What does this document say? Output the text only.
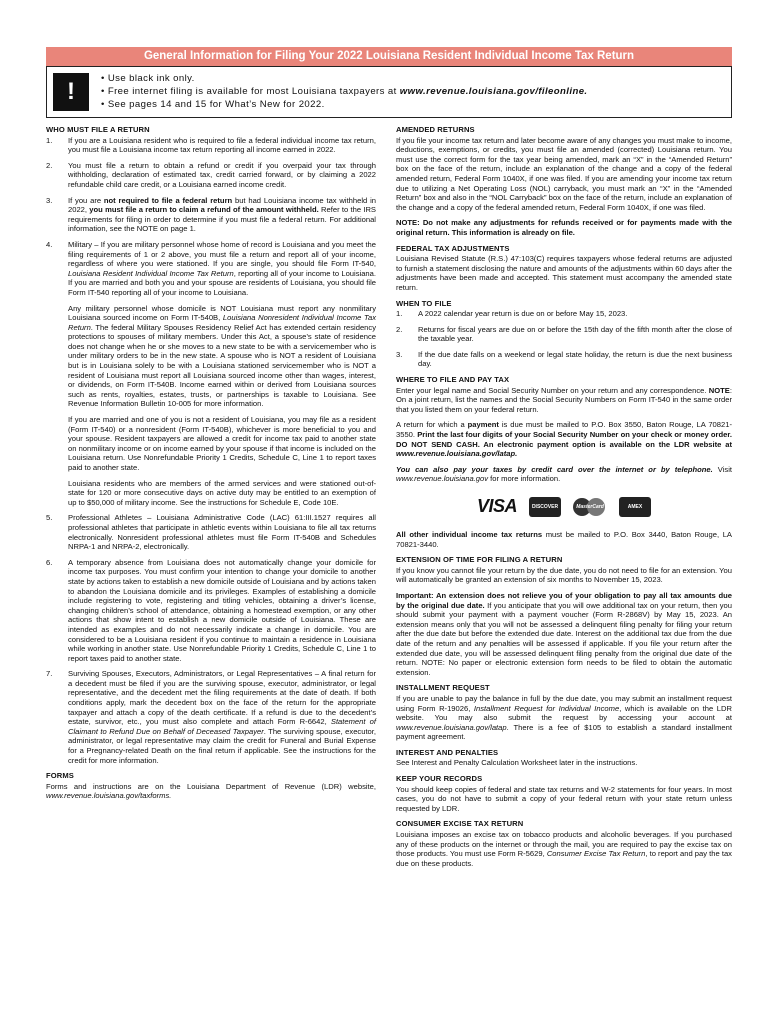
General Information for Filing Your 2022 Louisiana Resident Individual Income Tax Return
!	• Use black ink only.
• Free internet filing is available for most Louisiana taxpayers at www.revenue.louisiana.gov/fileonline.
• See pages 14 and 15 for What’s New for 2022.
WHO MUST FILE A RETURN
1.	If you are a Louisiana resident who is required to file a federal individual income tax return, you must file a Louisiana income tax return reporting all income earned in 2022.
2.	You must file a return to obtain a refund or credit if you overpaid your tax through withholding, declaration of estimated tax, credit carried forward, or by claiming a 2022 refundable child care credit, or a Louisiana earned income credit.
3.	If you are not required to file a federal return but had Louisiana income tax withheld in 2022, you must file a return to claim a refund of the amount withheld. Refer to the IRS requirements for filing in order to determine if you must file a federal return. For additional information, see the NOTE on page 1.
4.	Military – If you are military personnel whose home of record is Louisiana and you meet the filing requirements of 1 or 2 above, you must file a return and report all of your income, regardless of where you were stationed. If you are single, you should file Form IT-540, Louisiana Resident Individual Income Tax Return, reporting all of your income to Louisiana. If you are married and both you and your spouse are residents of Louisiana, you should file Form IT-540 reporting all of your income to Louisiana.

Any military personnel whose domicile is NOT Louisiana must report any nonmilitary Louisiana sourced income on Form IT-540B, Louisiana Nonresident Individual Income Tax Return. The federal Military Spouses Residency Relief Act has extended certain residency protections to spouses of military members. Under this Act, a spouse’s state of residence does not change when he or she moves to a new state to be with a servicemember who is under military orders to be in the new state. A spouse who is NOT a resident of Louisiana but is in Louisiana solely to be with a Louisiana stationed servicemember who is NOT a resident of Louisiana must report all Louisiana sourced income other than wages, interest, or dividends, on Form IT-540B. Income earned within or derived from Louisiana sources such as rents, royalties, estates, trusts, or partnerships is taxable to Louisiana. See Revenue Information Bulletin 10-005 for more information.

If you are married and one of you is not a resident of Louisiana, you may file as a resident (Form IT-540) or a nonresident (Form IT-540B), whichever is more beneficial to you and your spouse. Resident taxpayers are allowed a credit for income tax paid to another state on nonmilitary income or on income earned by your spouse if that income is included on the Louisiana return. Use Nonrefundable Priority 1 Credits, Schedule C, Line 1 to report taxes paid to another state.

Louisiana residents who are members of the armed services and were stationed out-of-state for 120 or more consecutive days on active duty may be entitled to an exemption of up to $50,000 of military income. See the instructions for Schedule E, Code 10E.

5.	Professional Athletes – Louisiana Administrative Code (LAC) 61:III.1527 requires all professional athletes that participate in athletic events within Louisiana to file all tax returns electronically. Nonresident professional athletes must file Form IT-540B and Schedules NRPA-1 and NRPA-2, electronically.
6.	A temporary absence from Louisiana does not automatically change your domicile for income tax purposes. You must confirm your intention to change your domicile to another state by actions taken to establish a new domicile outside of Louisiana and by actions taken to abandon the Louisiana domicile and its privileges. Examples of establishing a domicile include registering to vote, registering and titling vehicles, obtaining a driver’s license, changing children’s school of attendance, obtaining a homestead exemption, or any other actions that show intent to establish a new domicile outside of Louisiana. These are intended as examples and do not necessarily indicate a change in domicile. You are considered to be a Louisiana resident if you continue to maintain a residence in Louisiana while working in another state. Use Nonrefundable Priority 1 Credits, Schedule C, Line 1 to report taxes paid to another state.
7.	Surviving Spouses, Executors, Administrators, or Legal Representatives – A final return for a decedent must be filed if you are the surviving spouse, executor, administrator, or legal representative, and the decedent met the filing requirements at the date of death. If both conditions apply, mark the decedent box on the face of the return for the appropriate taxpayer and attach a copy of the death certificate. If a refund is due to the decedent’s estate, survivor, etc., you must also complete and attach Form R-6642, Statement of Claimant to Refund Due on Behalf of Deceased Taxpayer. The surviving spouse, executor, administrator, or legal representative may claim the credit for Funeral and Burial Expense for a Pregnancy-related Death on the final return if applicable. See the instructions for the credit for more information.
FORMS

Forms and instructions are on the Louisiana Department of Revenue (LDR) website, www.revenue.louisiana.gov/taxforms.

AMENDED RETURNS

If you file your income tax return and later become aware of any changes you must make to income, deductions, exemptions, or credits, you must file an amended (corrected) Louisiana return. You must use the correct form for the tax year being amended, mark an “X” in the “Amended Return” box on the face of the return, include an explanation of the change and a copy of the federal amended return, Federal Form 1040X, if one was filed. If you are amending your income tax return due to utilizing a Net Operating Loss (NOL) carryback, you must mark an “X” in the “Amended Return” box and also in the “NOL Carryback” box on the face of the return, include an explanation of the change and a copy of the federal amended return, Federal Form 1040X, if one was filed.

NOTE: Do not make any adjustments for refunds received or for payments made with the original return. This information is already on file.

FEDERAL TAX ADJUSTMENTS

Louisiana Revised Statute (R.S.) 47:103(C) requires taxpayers whose federal returns are adjusted to furnish a statement disclosing the nature and amounts of the adjustments within 60 days after the adjustments have been made and accepted. This statement must accompany the amended state return.

WHEN TO FILE
1.	A 2022 calendar year return is due on or before May 15, 2023.
2.	Returns for fiscal years are due on or before the 15th day of the fifth month after the close of the taxable year.
3.	If the due date falls on a weekend or legal state holiday, the return is due the next business day.
WHERE TO FILE AND PAY TAX

Enter your legal name and Social Security Number on your return and any correspondence. NOTE: On a joint return, list the names and the Social Security Numbers on Form IT-540 in the same order that you listed them on your federal return.

A return for which a payment is due must be mailed to P.O. Box 3550, Baton Rouge, LA 70821-3550. Print the last four digits of your Social Security Number on your check or money order. DO NOT SEND CASH. An electronic payment option is available on the LDR website at www.revenue.louisiana.gov/latap.

You can also pay your taxes by credit card over the internet or by telephone. Visit www.revenue.louisiana.gov for more information.

VISA	DISCOVER	MasterCard	AMEX

All other individual income tax returns must be mailed to P.O. Box 3440, Baton Rouge, LA 70821-3440.

EXTENSION OF TIME FOR FILING A RETURN

If you know you cannot file your return by the due date, you do not need to file for an extension. You will automatically be granted an extension of six months to November 15, 2023.

Important: An extension does not relieve you of your obligation to pay all tax amounts due by the original due date. If you anticipate that you will owe additional tax on your return, then you should submit your payment with a payment voucher (Form R-2868V) by May 15, 2023. An extension means only that you will not be assessed a delinquent filing penalty for filing your return after the due date but before the extended due date. Interest on the additional tax due from the due date of the return and any penalties will be assessed if applicable. If you file your return after the extended due date, you will be assessed delinquent filing penalty from the original due date of the return. NOTE: No paper or electronic extension form needs to be filed to obtain the automatic extension.

INSTALLMENT REQUEST

If you are unable to pay the balance in full by the due date, you may submit an installment request using Form R-19026, Installment Request for Individual Income, which is available on the LDR website. You may also submit the request by accessing your account at www.revenue.louisiana.gov/latap. There is a fee of $105 to establish a standard installment payment agreement.

INTEREST AND PENALTIES

See Interest and Penalty Calculation Worksheet later in the instructions.

KEEP YOUR RECORDS

You should keep copies of federal and state tax returns and W-2 statements for four years. In most cases, you do not have to submit a copy of your federal return with your state return unless requested by LDR.

CONSUMER EXCISE TAX RETURN

Louisiana imposes an excise tax on tobacco products and alcoholic beverages. If you purchased any of these products on the internet or through the mail, you are required to pay the excise tax on those products. You must use Form R-5629, Consumer Excise Tax Return, to report and pay the tax due on these products.
